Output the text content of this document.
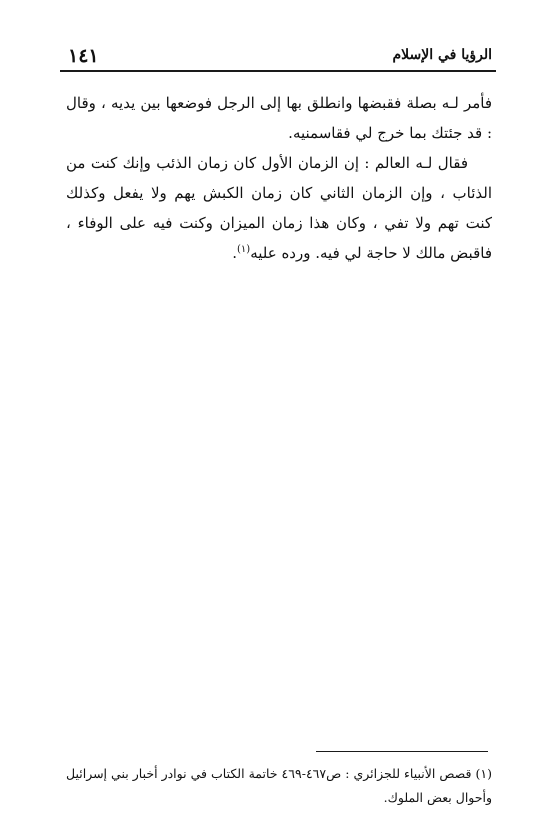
١٤١	الرؤيا في الإسلام

فأمر لـه بصلة فقبضها وانطلق بها إلى الرجل فوضعها بين يديه ، وقال : قد جئتك بما خرج لي فقاسمنيه.

فقال لـه العالم : إن الزمان الأول كان زمان الذئب وإنك كنت من الذئاب ، وإن الزمان الثاني كان زمان الكبش يهم ولا يفعل وكذلك كنت تهم ولا تفي ، وكان هذا زمان الميزان وكنت فيه على الوفاء ، فاقبض مالك لا حاجة لي فيه. ورده عليه$^{(١)}$.

(١) قصص الأنبياء للجزائري : ص٤٦٧-٤٦٩ خاتمة الكتاب في نوادر أخبار بني إسرائيل وأحوال بعض الملوك.
